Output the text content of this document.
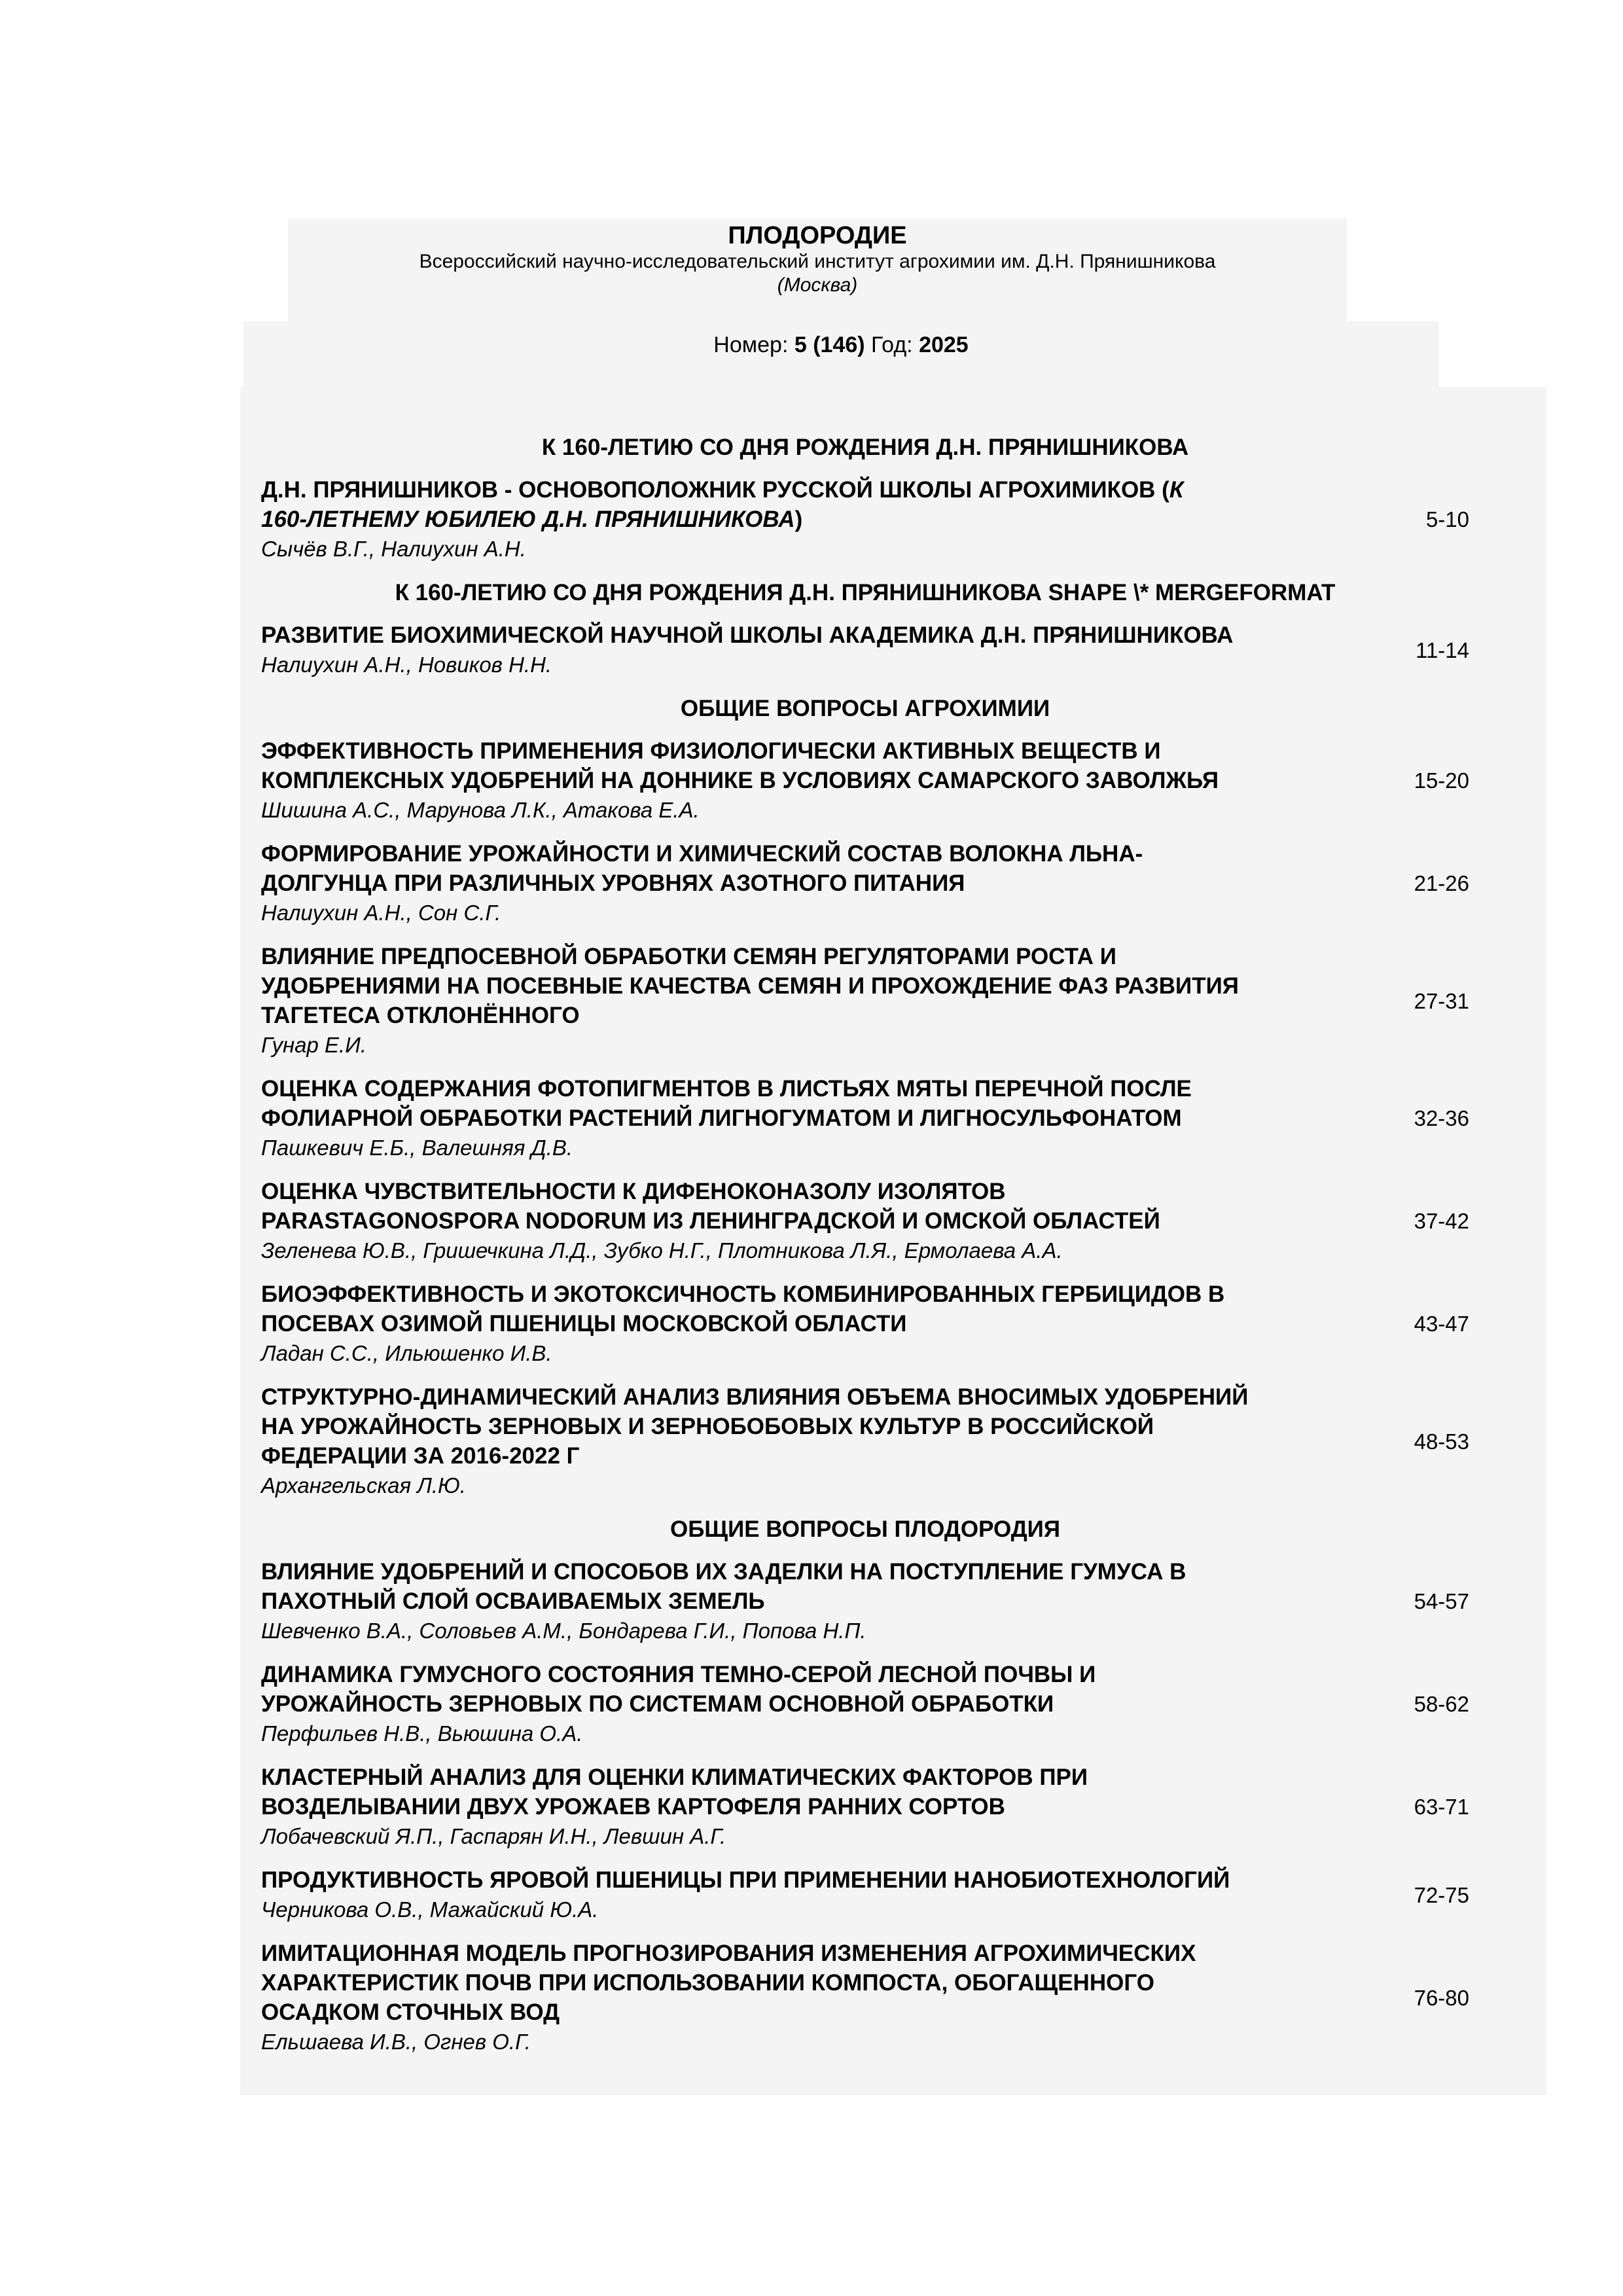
ПЛОДОРОДИЕ
Всероссийский научно-исследовательский институт агрохимии им. Д.Н. Прянишникова
(Москва)
Номер: 5 (146) Год: 2025
К 160-ЛЕТИЮ СО ДНЯ РОЖДЕНИЯ Д.Н. ПРЯНИШНИКОВА
Д.Н. ПРЯНИШНИКОВ - ОСНОВОПОЛОЖНИК РУССКОЙ ШКОЛЫ АГРОХИМИКОВ (К
160-ЛЕТНЕМУ ЮБИЛЕЮ Д.Н. ПРЯНИШНИКОВА)
Сычёв В.Г., Налиухин А.Н.
5-10
К 160-ЛЕТИЮ СО ДНЯ РОЖДЕНИЯ Д.Н. ПРЯНИШНИКОВА SHAPE \* MERGEFORMAT
РАЗВИТИЕ БИОХИМИЧЕСКОЙ НАУЧНОЙ ШКОЛЫ АКАДЕМИКА Д.Н. ПРЯНИШНИКОВА
Налиухин А.Н., Новиков Н.Н.
11-14
ОБЩИЕ ВОПРОСЫ АГРОХИМИИ
ЭФФЕКТИВНОСТЬ ПРИМЕНЕНИЯ ФИЗИОЛОГИЧЕСКИ АКТИВНЫХ ВЕЩЕСТВ И
КОМПЛЕКСНЫХ УДОБРЕНИЙ НА ДОННИКЕ В УСЛОВИЯХ САМАРСКОГО ЗАВОЛЖЬЯ
Шишина А.С., Марунова Л.К., Атакова Е.А.
15-20
ФОРМИРОВАНИЕ УРОЖАЙНОСТИ И ХИМИЧЕСКИЙ СОСТАВ ВОЛОКНА ЛЬНА-
ДОЛГУНЦА ПРИ РАЗЛИЧНЫХ УРОВНЯХ АЗОТНОГО ПИТАНИЯ
Налиухин А.Н., Сон С.Г.
21-26
ВЛИЯНИЕ ПРЕДПОСЕВНОЙ ОБРАБОТКИ СЕМЯН РЕГУЛЯТОРАМИ РОСТА И
УДОБРЕНИЯМИ НА ПОСЕВНЫЕ КАЧЕСТВА СЕМЯН И ПРОХОЖДЕНИЕ ФАЗ РАЗВИТИЯ
ТАГЕТЕСА ОТКЛОНЁННОГО
Гунар Е.И.
27-31
ОЦЕНКА СОДЕРЖАНИЯ ФОТОПИГМЕНТОВ В ЛИСТЬЯХ МЯТЫ ПЕРЕЧНОЙ ПОСЛЕ
ФОЛИАРНОЙ ОБРАБОТКИ РАСТЕНИЙ ЛИГНОГУМАТОМ И ЛИГНОСУЛЬФОНАТОМ
Пашкевич Е.Б., Валешняя Д.В.
32-36
ОЦЕНКА ЧУВСТВИТЕЛЬНОСТИ К ДИФЕНОКОНАЗОЛУ ИЗОЛЯТОВ
PARASTAGONOSPORA NODORUM ИЗ ЛЕНИНГРАДСКОЙ И ОМСКОЙ ОБЛАСТЕЙ
Зеленева Ю.В., Гришечкина Л.Д., Зубко Н.Г., Плотникова Л.Я., Ермолаева А.А.
37-42
БИОЭФФЕКТИВНОСТЬ И ЭКОТОКСИЧНОСТЬ КОМБИНИРОВАННЫХ ГЕРБИЦИДОВ В
ПОСЕВАХ ОЗИМОЙ ПШЕНИЦЫ МОСКОВСКОЙ ОБЛАСТИ
Ладан С.С., Ильюшенко И.В.
43-47
СТРУКТУРНО-ДИНАМИЧЕСКИЙ АНАЛИЗ ВЛИЯНИЯ ОБЪЕМА ВНОСИМЫХ УДОБРЕНИЙ
НА УРОЖАЙНОСТЬ ЗЕРНОВЫХ И ЗЕРНОБОБОВЫХ КУЛЬТУР В РОССИЙСКОЙ
ФЕДЕРАЦИИ ЗА 2016-2022 Г
Архангельская Л.Ю.
48-53
ОБЩИЕ ВОПРОСЫ ПЛОДОРОДИЯ
ВЛИЯНИЕ УДОБРЕНИЙ И СПОСОБОВ ИХ ЗАДЕЛКИ НА ПОСТУПЛЕНИЕ ГУМУСА В
ПАХОТНЫЙ СЛОЙ ОСВАИВАЕМЫХ ЗЕМЕЛЬ
Шевченко В.А., Соловьев А.М., Бондарева Г.И., Попова Н.П.
54-57
ДИНАМИКА ГУМУСНОГО СОСТОЯНИЯ ТЕМНО-СЕРОЙ ЛЕСНОЙ ПОЧВЫ И
УРОЖАЙНОСТЬ ЗЕРНОВЫХ ПО СИСТЕМАМ ОСНОВНОЙ ОБРАБОТКИ
Перфильев Н.В., Вьюшина О.А.
58-62
КЛАСТЕРНЫЙ АНАЛИЗ ДЛЯ ОЦЕНКИ КЛИМАТИЧЕСКИХ ФАКТОРОВ ПРИ
ВОЗДЕЛЫВАНИИ ДВУХ УРОЖАЕВ КАРТОФЕЛЯ РАННИХ СОРТОВ
Лобачевский Я.П., Гаспарян И.Н., Левшин А.Г.
63-71
ПРОДУКТИВНОСТЬ ЯРОВОЙ ПШЕНИЦЫ ПРИ ПРИМЕНЕНИИ НАНОБИОТЕХНОЛОГИЙ
Черникова О.В., Мажайский Ю.А.
72-75
ИМИТАЦИОННАЯ МОДЕЛЬ ПРОГНОЗИРОВАНИЯ ИЗМЕНЕНИЯ АГРОХИМИЧЕСКИХ
ХАРАКТЕРИСТИК ПОЧВ ПРИ ИСПОЛЬЗОВАНИИ КОМПОСТА, ОБОГАЩЕННОГО
ОСАДКОМ СТОЧНЫХ ВОД
Ельшаева И.В., Огнев О.Г.
76-80
